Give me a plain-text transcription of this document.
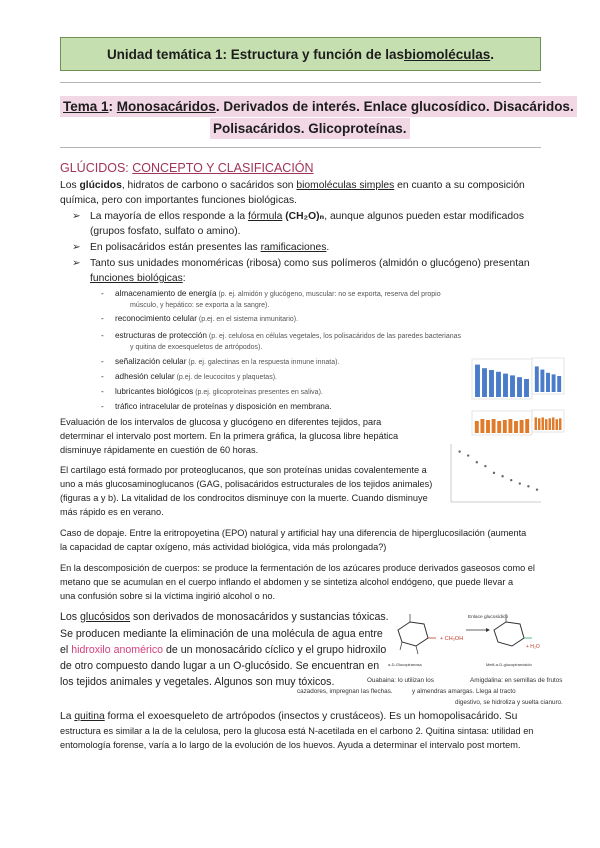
Unidad temática 1: Estructura y función de las biomoléculas .
Tema 1: Monosacáridos. Derivados de interés. Enlace glucosídico. Disacáridos.
Polisacáridos. Glicoproteínas.
GLÚCIDOS: CONCEPTO Y CLASIFICACIÓN
Los glúcidos, hidratos de carbono o sacáridos son biomoléculas simples en cuanto a su composición
química, pero con importantes funciones biológicas.
➢ La mayoría de ellos responde a la fórmula (CH₂O)ₙ, aunque algunos pueden estar modificados
(grupos fosfato, sulfato o amino).
➢ En polisacáridos están presentes las ramificaciones.
➢ Tanto sus unidades monoméricas (ribosa) como sus polímeros (almidón o glucógeno) presentan
funciones biológicas:
- almacenamiento de energía (p. ej. almidón y glucógeno, muscular: no se exporta, reserva del propio
músculo, y hepático: se exporta a la sangre).
- reconocimiento celular (p.ej. en el sistema inmunitario).
- estructuras de protección (p. ej. celulosa en células vegetales, los polisacáridos de las paredes bacterianas
y quitina de exoesqueletos de artrópodos).
- señalización celular (p. ej. galectinas en la respuesta inmune innata).
- adhesión celular (p.ej. de leucocitos y plaquetas).
- lubricantes biológicos (p.ej. glicoproteínas presentes en saliva).
- tráfico intracelular de proteínas y disposición en membrana.
Evaluación de los intervalos de glucosa y glucógeno en diferentes tejidos, para
determinar el intervalo post mortem. En la primera gráfica, la glucosa libre hepática
disminuye rápidamente en cuestión de 60 horas.
El cartílago está formado por proteoglucanos, que son proteínas unidas covalentemente a
uno a más glucosaminoglucanos (GAG, polisacáridos estructurales de los tejidos animales)
(figuras a y b). La vitalidad de los condrocitos disminuye con la muerte. Cuando disminuye
más rápido es en verano.
Caso de dopaje. Entre la eritropoyetina (EPO) natural y artificial hay una diferencia de hiperglucosilación (aumenta
la capacidad de captar oxígeno, más actividad biológica, vida más prolongada?)
En la descomposición de cuerpos: se produce la fermentación de los azúcares produce derivados gaseosos como el
metano que se acumulan en el cuerpo inflando el abdomen y se sintetiza alcohol endógeno, que puede llevar a
una confusión sobre si la víctima ingirió alcohol o no.
Los glucósidos son derivados de monosacáridos y sustancias tóxicas.
Se producen mediante la eliminación de una molécula de agua entre
el hidroxilo anomérico de un monosacárido cíclico y el grupo hidroxilo
de otro compuesto dando lugar a un O-glucósido. Se encuentran en
los tejidos animales y vegetales. Algunos son muy tóxicos.	Ouabaina: lo utilizan los
cazadores, impregnan las flechas.
Amigdalina: en semillas de frutos
y almendras amargas. Llega al tracto
digestivo, se hidroliza y suelta cianuro.
+ CH₃OH
Enlace glucosídico
+ H₂O
α-D-Glucopiranosa	Metil-α-D-glucopiranósido
La quitina forma el exoesqueleto de artrópodos (insectos y crustáceos). Es un homopolisacárido. Su
estructura es similar a la de la celulosa, pero la glucosa está N-acetilada en el carbono 2. Quitina sintasa: utilidad en
entomología forense, varía a lo largo de la evolución de los huevos. Ayuda a determinar el intervalo post mortem.
